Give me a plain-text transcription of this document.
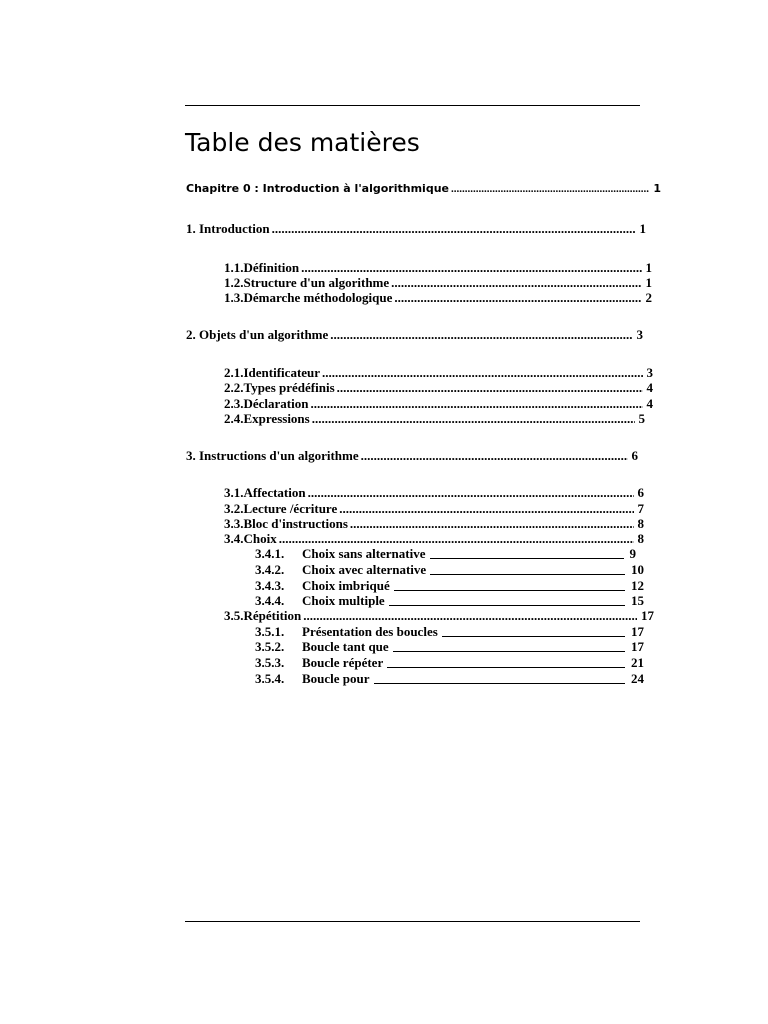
Table des matières
Chapitre 0 : Introduction à l'algorithmique .....	1
1. Introduction .....	1
1.1.Définition .....	1
1.2.Structure d'un algorithme .....	1
1.3.Démarche méthodologique .....	2
2. Objets d'un algorithme .....	3
2.1.Identificateur .....	3
2.2.Types prédéfinis .....	4
2.3.Déclaration .....	4
2.4.Expressions .....	5
3. Instructions d'un algorithme .....	6
3.1.Affectation .....	6
3.2.Lecture /écriture .....	7
3.3.Bloc d'instructions .....	8
3.4.Choix .....	8
3.4.1.	Choix sans alternative	9
3.4.2.	Choix avec alternative	10
3.4.3.	Choix imbriqué	12
3.4.4.	Choix multiple	15
3.5.Répétition .....	17
3.5.1.	Présentation des boucles	17
3.5.2.	Boucle tant que	17
3.5.3.	Boucle répéter	21
3.5.4.	Boucle pour	24
